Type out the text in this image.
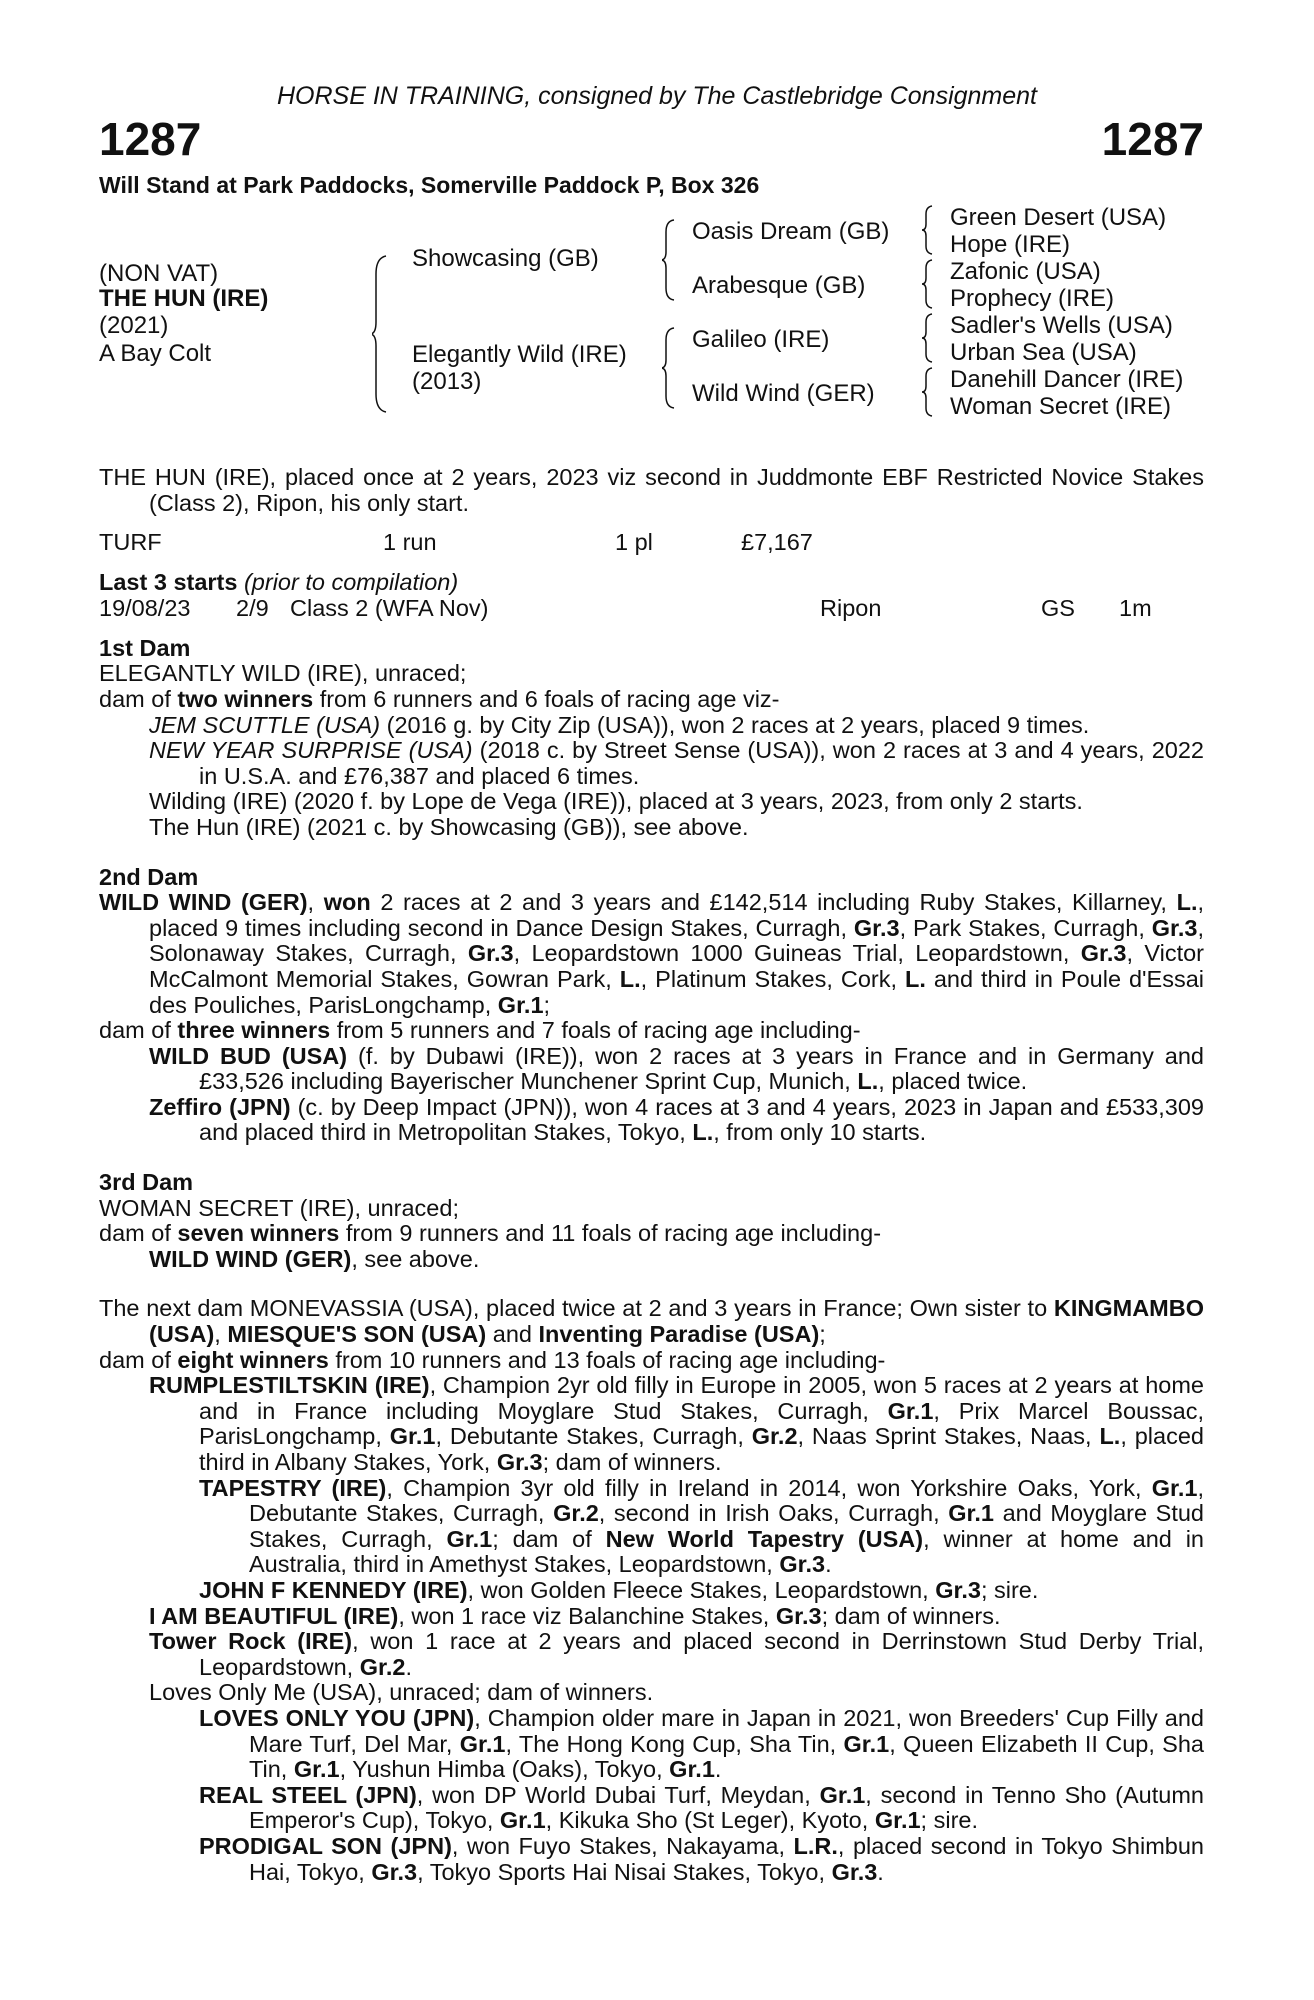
HORSE IN TRAINING, consigned by The Castlebridge Consignment
1287	1287
Will Stand at Park Paddocks, Somerville Paddock P, Box 326
(NON VAT)
THE HUN (IRE)
(2021)
A Bay Colt
Showcasing (GB)
Elegantly Wild (IRE)
(2013)
Oasis Dream (GB)
Arabesque (GB)
Galileo (IRE)
Wild Wind (GER)
Green Desert (USA)
Hope (IRE)
Zafonic (USA)
Prophecy (IRE)
Sadler's Wells (USA)
Urban Sea (USA)
Danehill Dancer (IRE)
Woman Secret (IRE)

THE HUN (IRE), placed once at 2 years, 2023 viz second in Juddmonte EBF Restricted Novice Stakes (Class 2), Ripon, his only start.

TURF	1 run	1 pl	£7,167

Last 3 starts (prior to compilation)

19/08/23 2/9 Class 2 (WFA Nov)	Ripon	GS 1m

1st Dam

ELEGANTLY WILD (IRE), unraced;

dam of two winners from 6 runners and 6 foals of racing age viz-

JEM SCUTTLE (USA) (2016 g. by City Zip (USA)), won 2 races at 2 years, placed 9 times.

NEW YEAR SURPRISE (USA) (2018 c. by Street Sense (USA)), won 2 races at 3 and 4 years, 2022 in U.S.A. and £76,387 and placed 6 times.

Wilding (IRE) (2020 f. by Lope de Vega (IRE)), placed at 3 years, 2023, from only 2 starts.

The Hun (IRE) (2021 c. by Showcasing (GB)), see above.

2nd Dam

WILD WIND (GER), won 2 races at 2 and 3 years and £142,514 including Ruby Stakes, Killarney, L., placed 9 times including second in Dance Design Stakes, Curragh, Gr.3, Park Stakes, Curragh, Gr.3, Solonaway Stakes, Curragh, Gr.3, Leopardstown 1000 Guineas Trial, Leopardstown, Gr.3, Victor McCalmont Memorial Stakes, Gowran Park, L., Platinum Stakes, Cork, L. and third in Poule d'Essai des Pouliches, ParisLongchamp, Gr.1;

dam of three winners from 5 runners and 7 foals of racing age including-

WILD BUD (USA) (f. by Dubawi (IRE)), won 2 races at 3 years in France and in Germany and £33,526 including Bayerischer Munchener Sprint Cup, Munich, L., placed twice.

Zeffiro (JPN) (c. by Deep Impact (JPN)), won 4 races at 3 and 4 years, 2023 in Japan and £533,309 and placed third in Metropolitan Stakes, Tokyo, L., from only 10 starts.

3rd Dam

WOMAN SECRET (IRE), unraced;

dam of seven winners from 9 runners and 11 foals of racing age including-

WILD WIND (GER), see above.

The next dam MONEVASSIA (USA), placed twice at 2 and 3 years in France; Own sister to KINGMAMBO (USA), MIESQUE'S SON (USA) and Inventing Paradise (USA);

dam of eight winners from 10 runners and 13 foals of racing age including-

RUMPLESTILTSKIN (IRE), Champion 2yr old filly in Europe in 2005, won 5 races at 2 years at home and in France including Moyglare Stud Stakes, Curragh, Gr.1, Prix Marcel Boussac, ParisLongchamp, Gr.1, Debutante Stakes, Curragh, Gr.2, Naas Sprint Stakes, Naas, L., placed third in Albany Stakes, York, Gr.3; dam of winners.

TAPESTRY (IRE), Champion 3yr old filly in Ireland in 2014, won Yorkshire Oaks, York, Gr.1, Debutante Stakes, Curragh, Gr.2, second in Irish Oaks, Curragh, Gr.1 and Moyglare Stud Stakes, Curragh, Gr.1; dam of New World Tapestry (USA), winner at home and in Australia, third in Amethyst Stakes, Leopardstown, Gr.3.

JOHN F KENNEDY (IRE), won Golden Fleece Stakes, Leopardstown, Gr.3; sire.

I AM BEAUTIFUL (IRE), won 1 race viz Balanchine Stakes, Gr.3; dam of winners.

Tower Rock (IRE), won 1 race at 2 years and placed second in Derrinstown Stud Derby Trial, Leopardstown, Gr.2.

Loves Only Me (USA), unraced; dam of winners.

LOVES ONLY YOU (JPN), Champion older mare in Japan in 2021, won Breeders' Cup Filly and Mare Turf, Del Mar, Gr.1, The Hong Kong Cup, Sha Tin, Gr.1, Queen Elizabeth II Cup, Sha Tin, Gr.1, Yushun Himba (Oaks), Tokyo, Gr.1.

REAL STEEL (JPN), won DP World Dubai Turf, Meydan, Gr.1, second in Tenno Sho (Autumn Emperor's Cup), Tokyo, Gr.1, Kikuka Sho (St Leger), Kyoto, Gr.1; sire.

PRODIGAL SON (JPN), won Fuyo Stakes, Nakayama, L.R., placed second in Tokyo Shimbun Hai, Tokyo, Gr.3, Tokyo Sports Hai Nisai Stakes, Tokyo, Gr.3.
